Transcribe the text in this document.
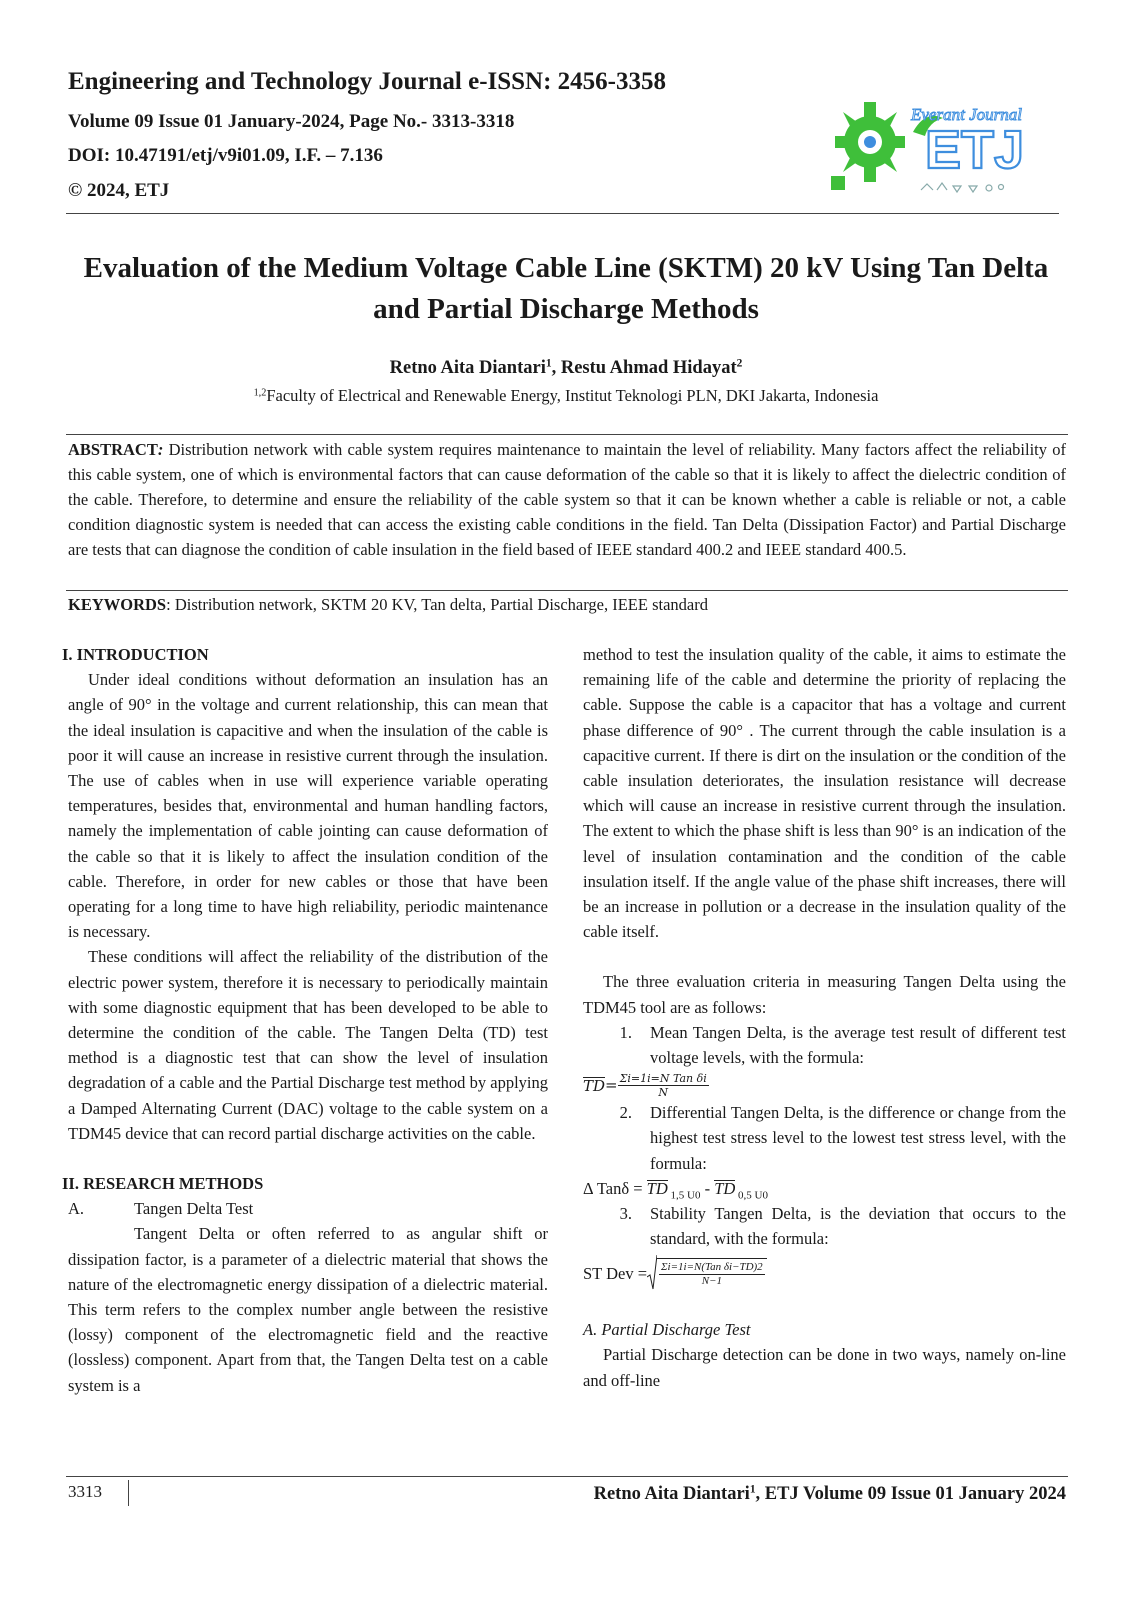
Engineering and Technology Journal e-ISSN: 2456-3358
Volume 09 Issue 01 January-2024, Page No.- 3313-3318
DOI: 10.47191/etj/v9i01.09, I.F. – 7.136
© 2024, ETJ
Everant Journal
ETJ
Evaluation of the Medium Voltage Cable Line (SKTM) 20 kV Using Tan Delta and Partial Discharge Methods
Retno Aita Diantari$^1$, Restu Ahmad Hidayat$^2$
$^{1,2}$Faculty of Electrical and Renewable Energy, Institut Teknologi PLN, DKI Jakarta, Indonesia
ABSTRACT: Distribution network with cable system requires maintenance to maintain the level of reliability. Many factors affect the reliability of this cable system, one of which is environmental factors that can cause deformation of the cable so that it is likely to affect the dielectric condition of the cable. Therefore, to determine and ensure the reliability of the cable system so that it can be known whether a cable is reliable or not, a cable condition diagnostic system is needed that can access the existing cable conditions in the field. Tan Delta (Dissipation Factor) and Partial Discharge are tests that can diagnose the condition of cable insulation in the field based of IEEE standard 400.2 and IEEE standard 400.5.
KEYWORDS: Distribution network, SKTM 20 KV, Tan delta, Partial Discharge, IEEE standard

I. INTRODUCTION

Under ideal conditions without deformation an insulation has an angle of 90° in the voltage and current relationship, this can mean that the ideal insulation is capacitive and when the insulation of the cable is poor it will cause an increase in resistive current through the insulation. The use of cables when in use will experience variable operating temperatures, besides that, environmental and human handling factors, namely the implementation of cable jointing can cause deformation of the cable so that it is likely to affect the insulation condition of the cable. Therefore, in order for new cables or those that have been operating for a long time to have high reliability, periodic maintenance is necessary.

These conditions will affect the reliability of the distribution of the electric power system, therefore it is necessary to periodically maintain with some diagnostic equipment that has been developed to be able to determine the condition of the cable. The Tangen Delta (TD) test method is a diagnostic test that can show the level of insulation degradation of a cable and the Partial Discharge test method by applying a Damped Alternating Current (DAC) voltage to the cable system on a TDM45 device that can record partial discharge activities on the cable.

II. RESEARCH METHODS

A.	Tangen Delta Test

Tangent Delta or often referred to as angular shift or dissipation factor, is a parameter of a dielectric material that shows the nature of the electromagnetic energy dissipation of a dielectric material. This term refers to the complex number angle between the resistive (lossy) component of the electromagnetic field and the reactive (lossless) component. Apart from that, the Tangen Delta test on a cable system is a

method to test the insulation quality of the cable, it aims to estimate the remaining life of the cable and determine the priority of replacing the cable. Suppose the cable is a capacitor that has a voltage and current phase difference of 90° . The current through the cable insulation is a capacitive current. If there is dirt on the insulation or the condition of the cable insulation deteriorates, the insulation resistance will decrease which will cause an increase in resistive current through the insulation. The extent to which the phase shift is less than 90° is an indication of the level of insulation contamination and the condition of the cable insulation itself. If the angle value of the phase shift increases, there will be an increase in pollution or a decrease in the insulation quality of the cable itself.

The three evaluation criteria in measuring Tangen Delta using the TDM45 tool are as follows:

1.	Mean Tangen Delta, is the average test result of different test voltage levels, with the formula:
TD = $\frac{\text{Σi=1i=N Tan δi}}{N}$
2.	Differential Tangen Delta, is the difference or change from the highest test stress level to the lowest test stress level, with the formula:
Δ Tanδ = TD $_{1,5 U0}$ - TD $_{0,5 U0}$
3.	Stability Tangen Delta, is the deviation that occurs to the standard, with the formula:
ST Dev = $\frac{\text{Σi=1i=N(Tan δi−TD)2}}{N-1}$

A. Partial Discharge Test

Partial Discharge detection can be done in two ways, namely on-line and off-line

3313	Retno Aita Diantari$^1$, ETJ Volume 09 Issue 01 January 2024
